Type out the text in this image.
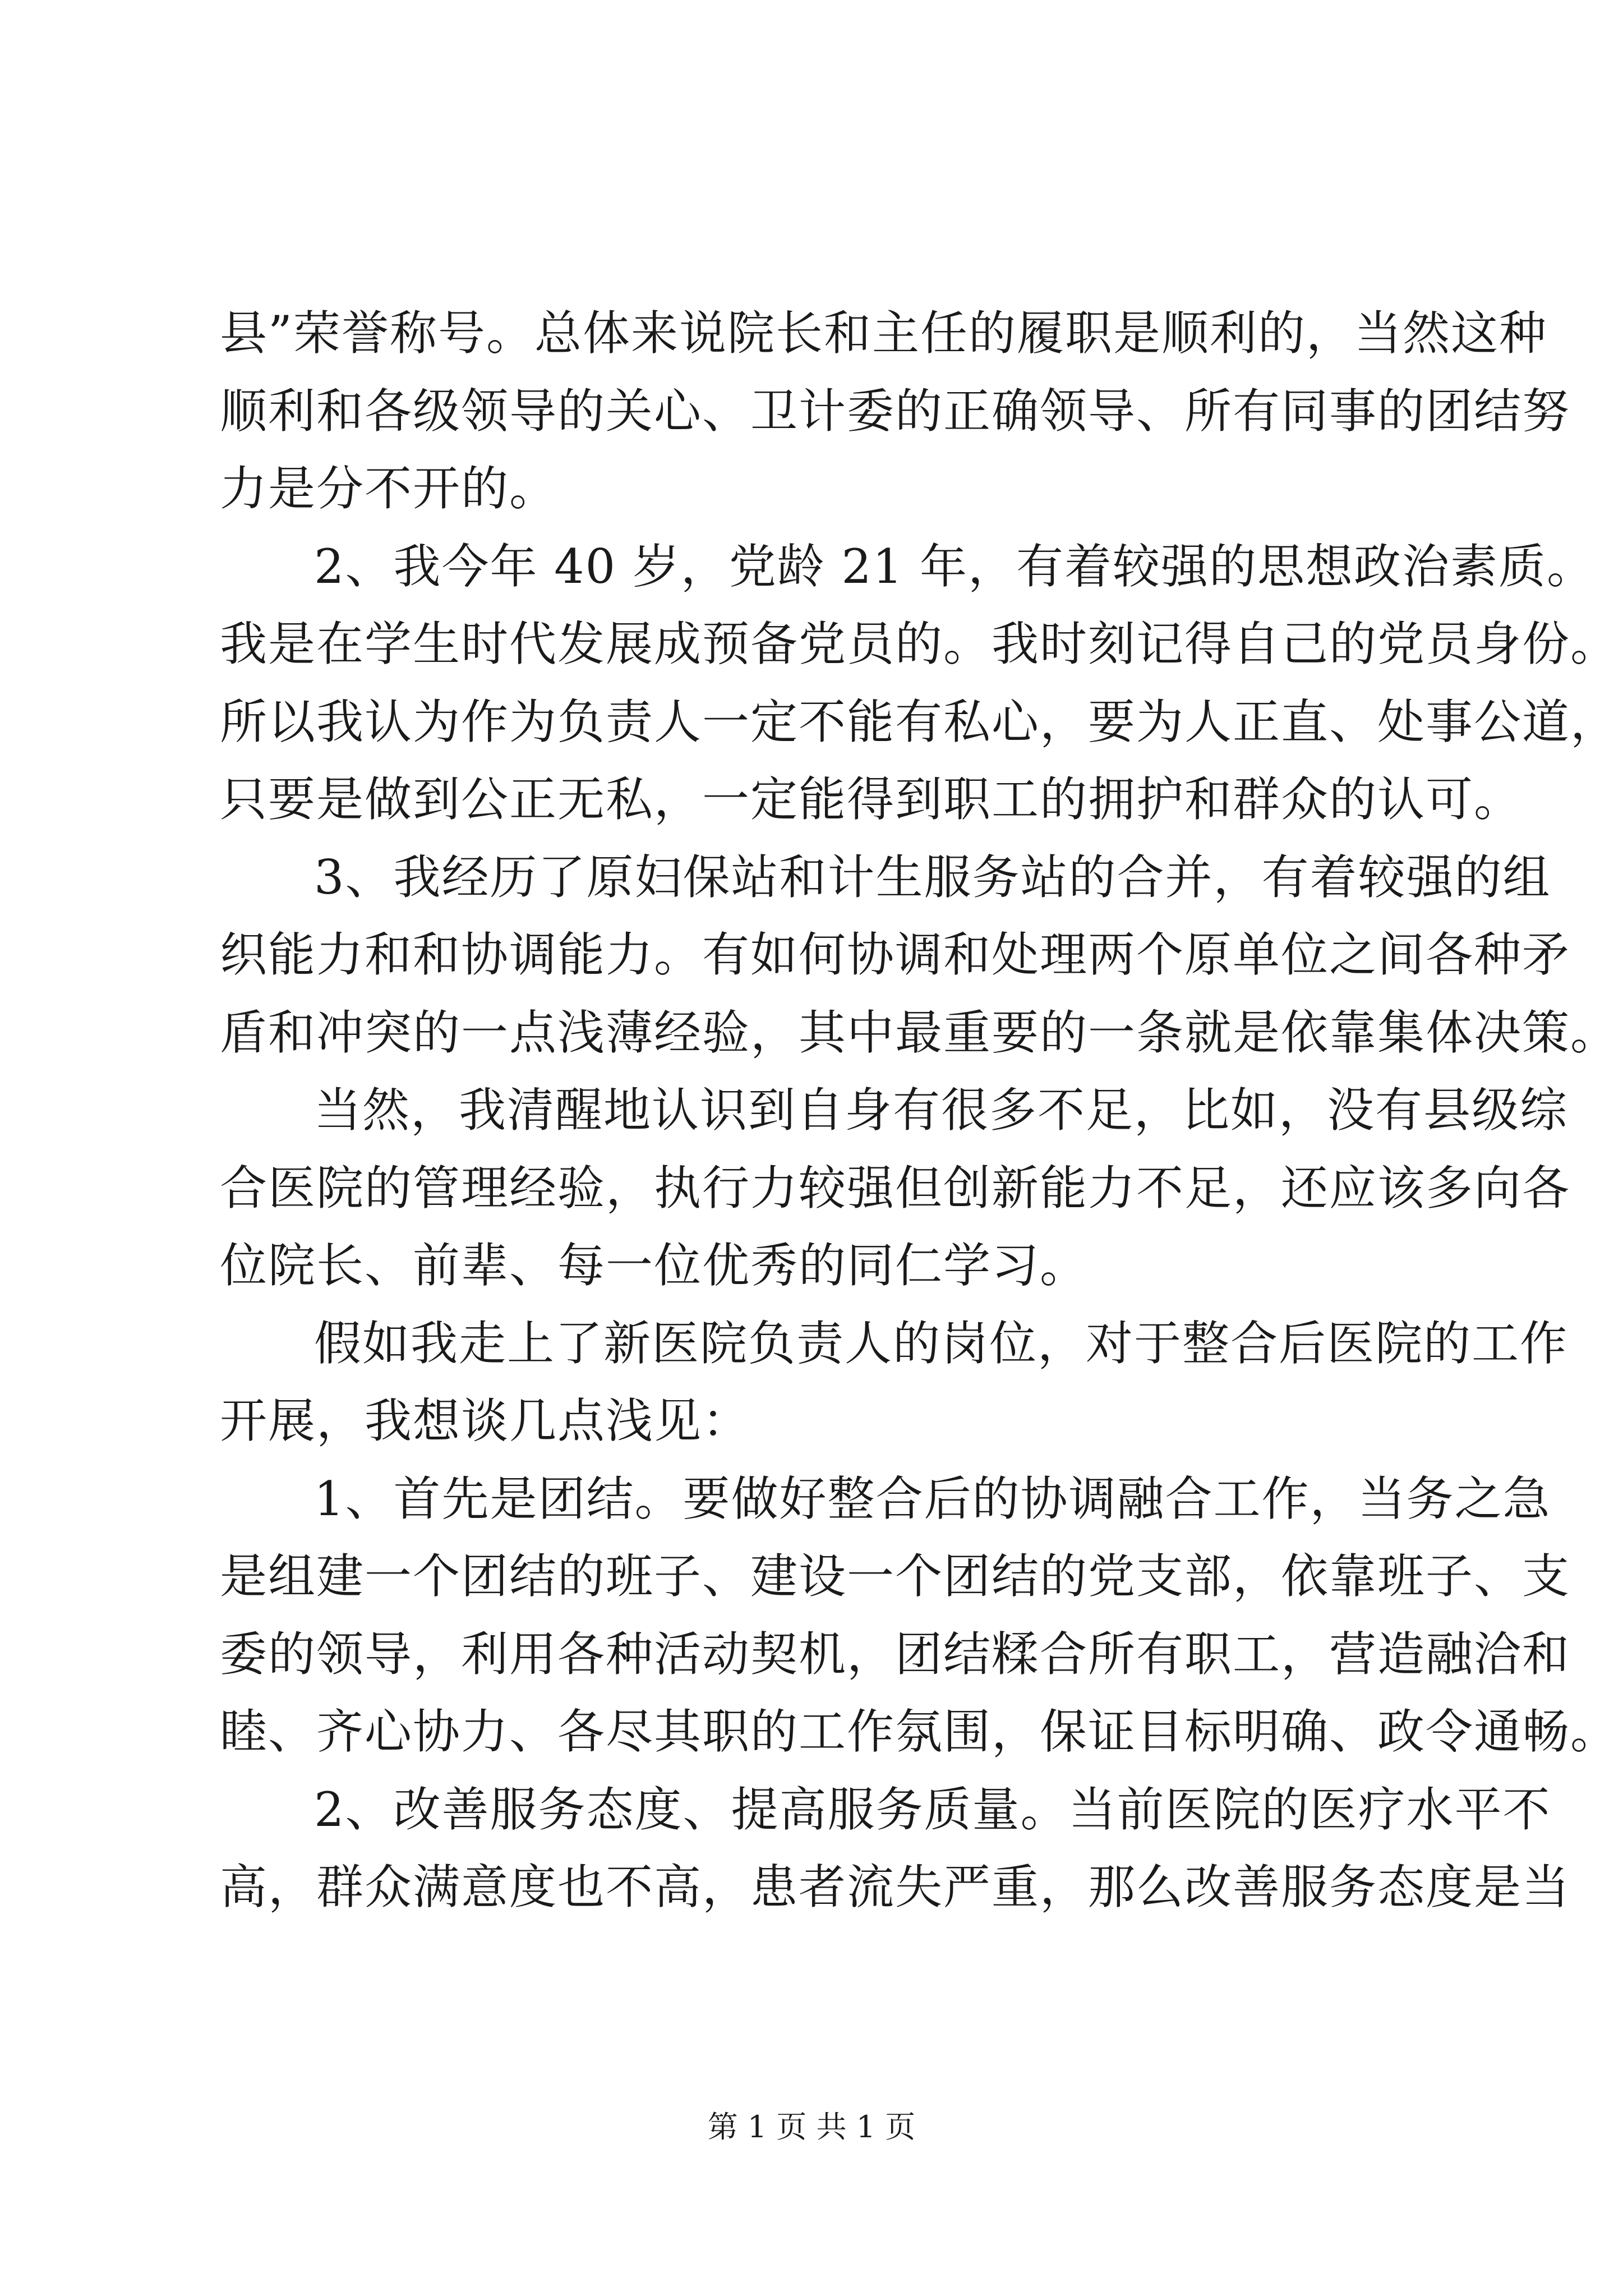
县”荣誉称号。总体来说院长和主任的履职是顺利的，当然这种
顺利和各级领导的关心、卫计委的正确领导、所有同事的团结努
力是分不开的。
2、我今年 40 岁，党龄 21 年，有着较强的思想政治素质。
我是在学生时代发展成预备党员的。我时刻记得自己的党员身份。
所以我认为作为负责人一定不能有私心，要为人正直、处事公道，
只要是做到公正无私，一定能得到职工的拥护和群众的认可。
3、我经历了原妇保站和计生服务站的合并，有着较强的组
织能力和和协调能力。有如何协调和处理两个原单位之间各种矛
盾和冲突的一点浅薄经验，其中最重要的一条就是依靠集体决策。
当然，我清醒地认识到自身有很多不足，比如，没有县级综
合医院的管理经验，执行力较强但创新能力不足，还应该多向各
位院长、前辈、每一位优秀的同仁学习。
假如我走上了新医院负责人的岗位，对于整合后医院的工作
开展，我想谈几点浅见：
1、首先是团结。要做好整合后的协调融合工作，当务之急
是组建一个团结的班子、建设一个团结的党支部，依靠班子、支
委的领导，利用各种活动契机，团结糅合所有职工，营造融洽和
睦、齐心协力、各尽其职的工作氛围，保证目标明确、政令通畅。
2、改善服务态度、提高服务质量。当前医院的医疗水平不
高，群众满意度也不高，患者流失严重，那么改善服务态度是当
第 1 页 共 1 页
